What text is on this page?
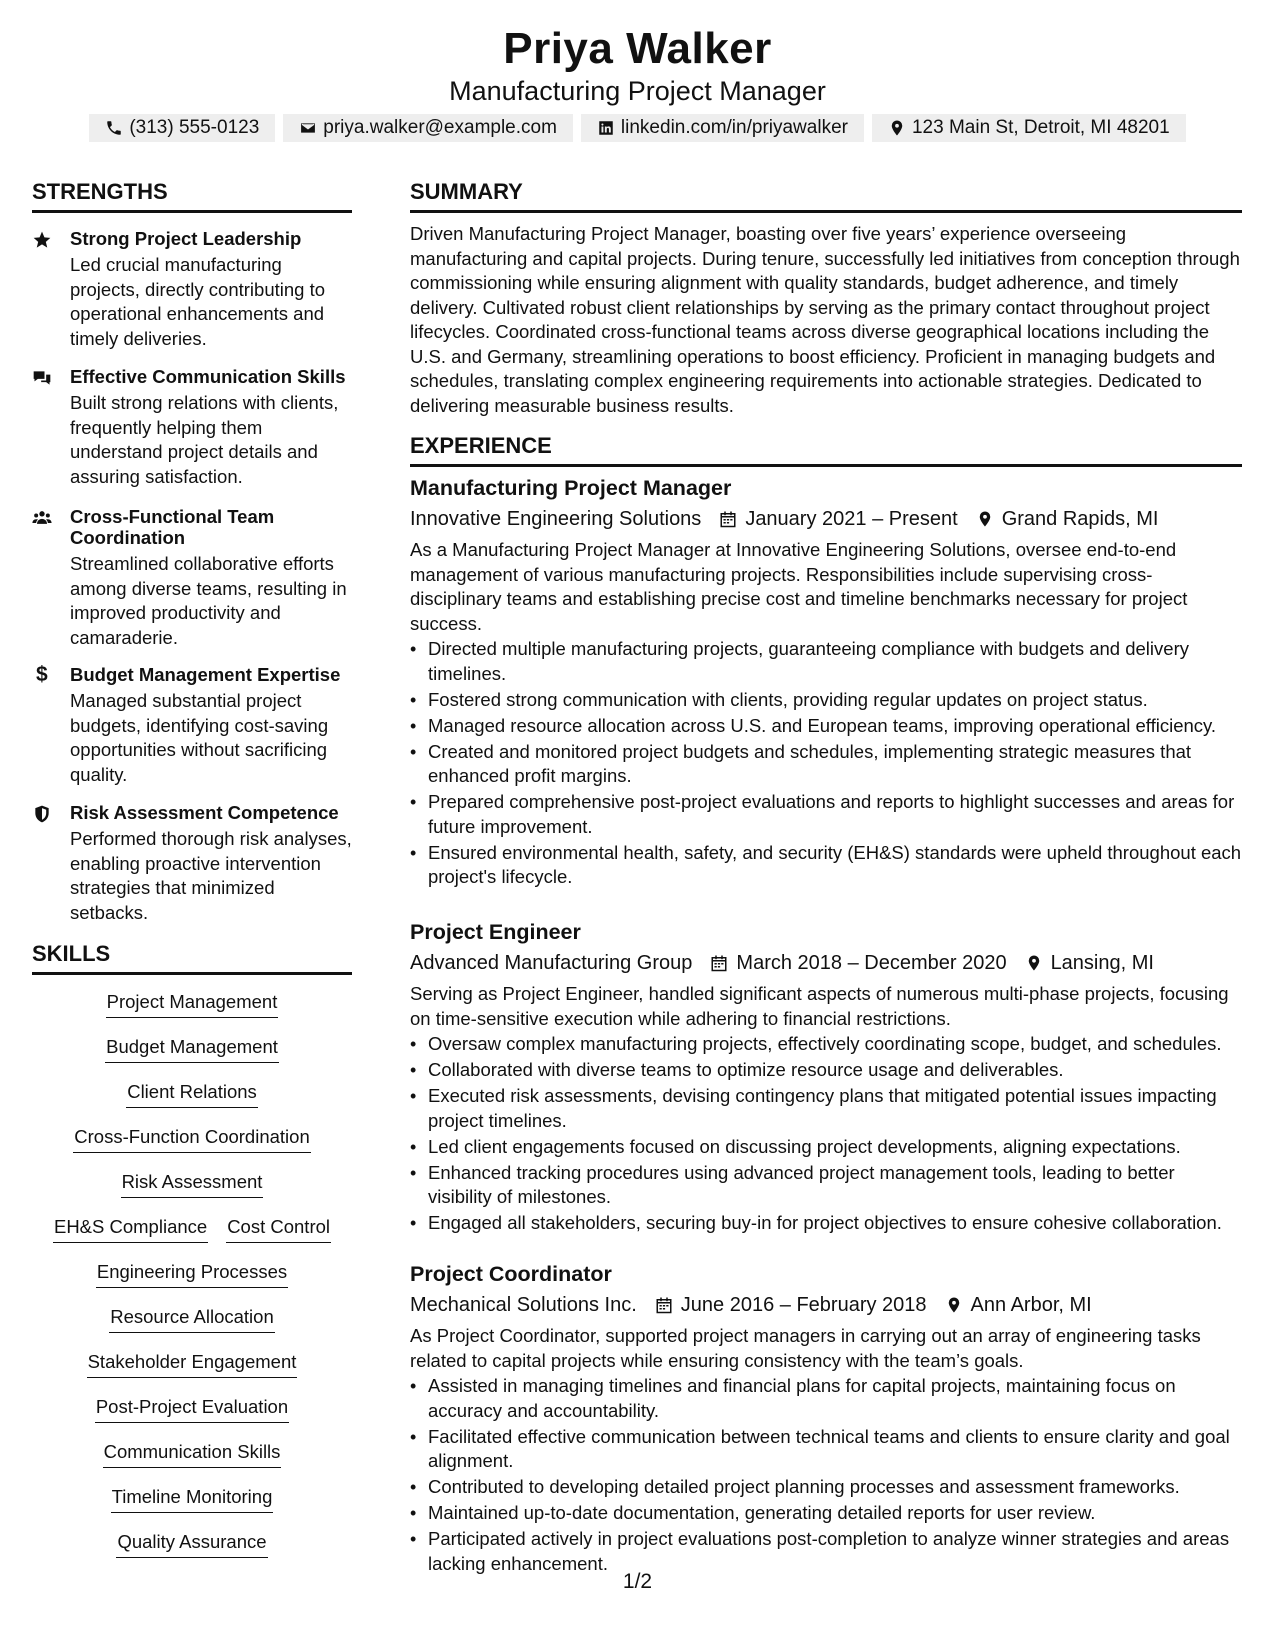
Priya Walker
Manufacturing Project Manager
(313) 555-0123	priya.walker@example.com	linkedin.com/in/priyawalker	123 Main St, Detroit, MI 48201
STRENGTHS
Strong Project Leadership
Led crucial manufacturing projects, directly contributing to operational enhancements and timely deliveries.
Effective Communication Skills
Built strong relations with clients, frequently helping them understand project details and assuring satisfaction.
Cross-Functional Team Coordination
Streamlined collaborative efforts among diverse teams, resulting in improved productivity and camaraderie.
$	Budget Management Expertise
Managed substantial project budgets, identifying cost-saving opportunities without sacrificing quality.
Risk Assessment Competence
Performed thorough risk analyses, enabling proactive intervention strategies that minimized setbacks.
SKILLS
Project Management
Budget Management
Client Relations
Cross-Function Coordination
Risk Assessment
EH&S Compliance Cost Control
Engineering Processes
Resource Allocation
Stakeholder Engagement
Post-Project Evaluation
Communication Skills
Timeline Monitoring
Quality Assurance
SUMMARY
Driven Manufacturing Project Manager, boasting over five years’ experience overseeing manufacturing and capital projects. During tenure, successfully led initiatives from conception through commissioning while ensuring alignment with quality standards, budget adherence, and timely delivery. Cultivated robust client relationships by serving as the primary contact throughout project lifecycles. Coordinated cross-functional teams across diverse geographical locations including the U.S. and Germany, streamlining operations to boost efficiency. Proficient in managing budgets and schedules, translating complex engineering requirements into actionable strategies. Dedicated to delivering measurable business results.
EXPERIENCE
Manufacturing Project Manager
Innovative Engineering Solutions January 2021 – Present Grand Rapids, MI
As a Manufacturing Project Manager at Innovative Engineering Solutions, oversee end-to-end management of various manufacturing projects. Responsibilities include supervising cross-disciplinary teams and establishing precise cost and timeline benchmarks necessary for project success.
• Directed multiple manufacturing projects, guaranteeing compliance with budgets and delivery timelines.
• Fostered strong communication with clients, providing regular updates on project status.
• Managed resource allocation across U.S. and European teams, improving operational efficiency.
• Created and monitored project budgets and schedules, implementing strategic measures that enhanced profit margins.
• Prepared comprehensive post-project evaluations and reports to highlight successes and areas for future improvement.
• Ensured environmental health, safety, and security (EH&S) standards were upheld throughout each project's lifecycle.
Project Engineer
Advanced Manufacturing Group March 2018 – December 2020 Lansing, MI
Serving as Project Engineer, handled significant aspects of numerous multi-phase projects, focusing on time-sensitive execution while adhering to financial restrictions.
• Oversaw complex manufacturing projects, effectively coordinating scope, budget, and schedules.
• Collaborated with diverse teams to optimize resource usage and deliverables.
• Executed risk assessments, devising contingency plans that mitigated potential issues impacting project timelines.
• Led client engagements focused on discussing project developments, aligning expectations.
• Enhanced tracking procedures using advanced project management tools, leading to better visibility of milestones.
• Engaged all stakeholders, securing buy-in for project objectives to ensure cohesive collaboration.
Project Coordinator
Mechanical Solutions Inc. June 2016 – February 2018 Ann Arbor, MI
As Project Coordinator, supported project managers in carrying out an array of engineering tasks related to capital projects while ensuring consistency with the team’s goals.
• Assisted in managing timelines and financial plans for capital projects, maintaining focus on accuracy and accountability.
• Facilitated effective communication between technical teams and clients to ensure clarity and goal alignment.
• Contributed to developing detailed project planning processes and assessment frameworks.
• Maintained up-to-date documentation, generating detailed reports for user review.
• Participated actively in project evaluations post-completion to analyze winner strategies and areas lacking enhancement.
1/2
